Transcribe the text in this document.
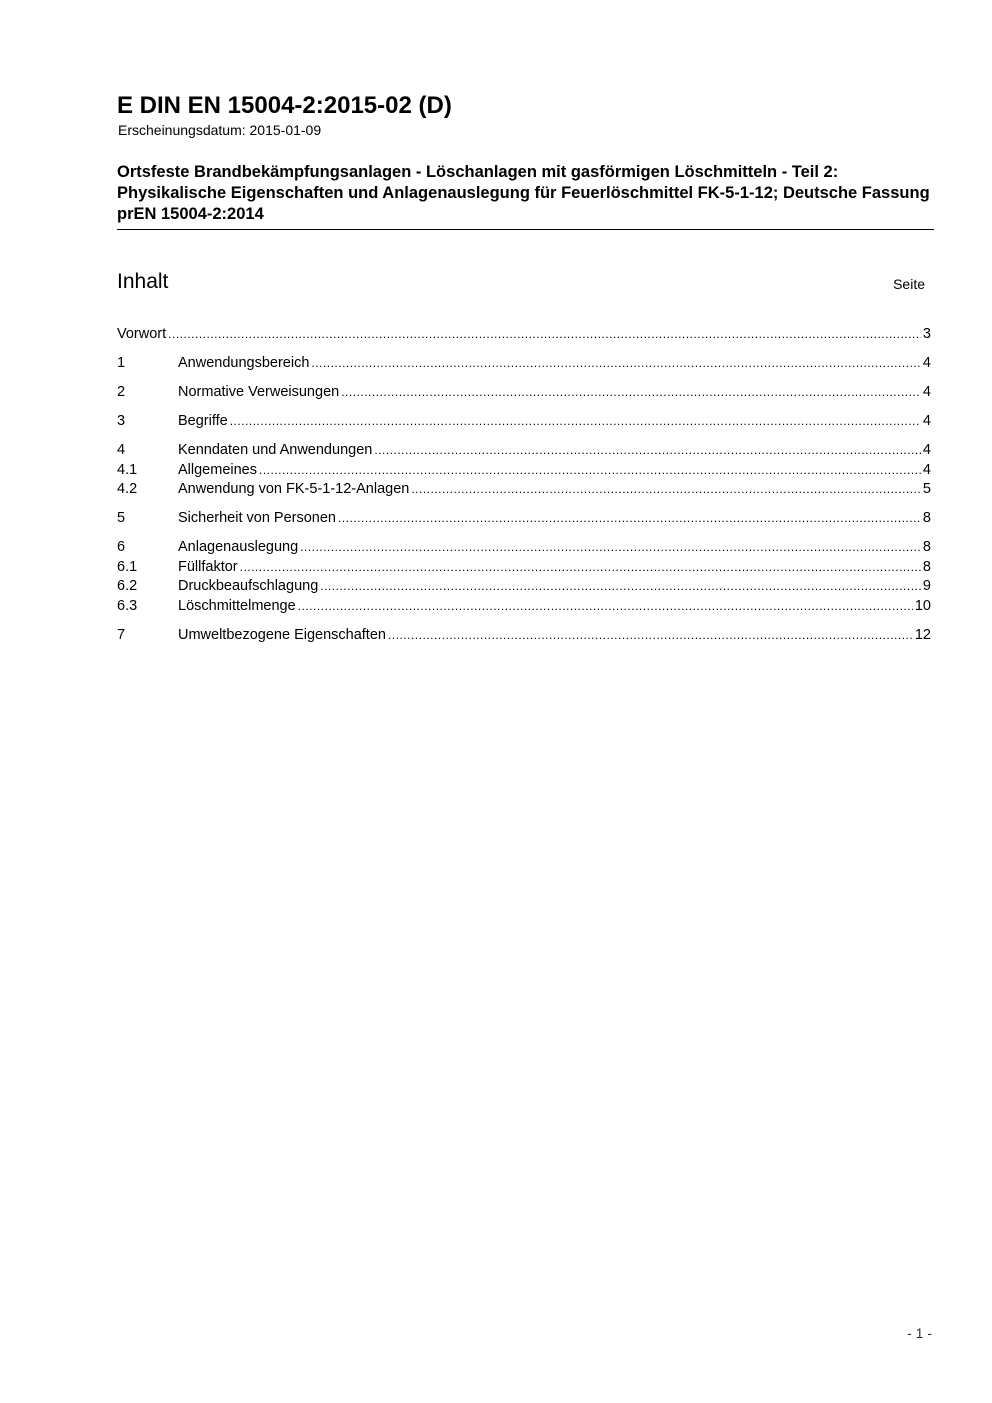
E DIN EN 15004-2:2015-02 (D)
Erscheinungsdatum: 2015-01-09
Ortsfeste Brandbekämpfungsanlagen - Löschanlagen mit gasförmigen Löschmitteln - Teil 2: Physikalische Eigenschaften und Anlagenauslegung für Feuerlöschmittel FK-5-1-12; Deutsche Fassung prEN 15004-2:2014
Inhalt	Seite
Vorwort .....	3
1	Anwendungsbereich .....	4
2	Normative Verweisungen .....	4
3	Begriffe .....	4
4	Kenndaten und Anwendungen .....	4
4.1	Allgemeines .....	4
4.2	Anwendung von FK-5-1-12-Anlagen .....	5
5	Sicherheit von Personen .....	8
6	Anlagenauslegung .....	8
6.1	Füllfaktor .....	8
6.2	Druckbeaufschlagung .....	9
6.3	Löschmittelmenge .....	10
7	Umweltbezogene Eigenschaften .....	12
- 1 -
